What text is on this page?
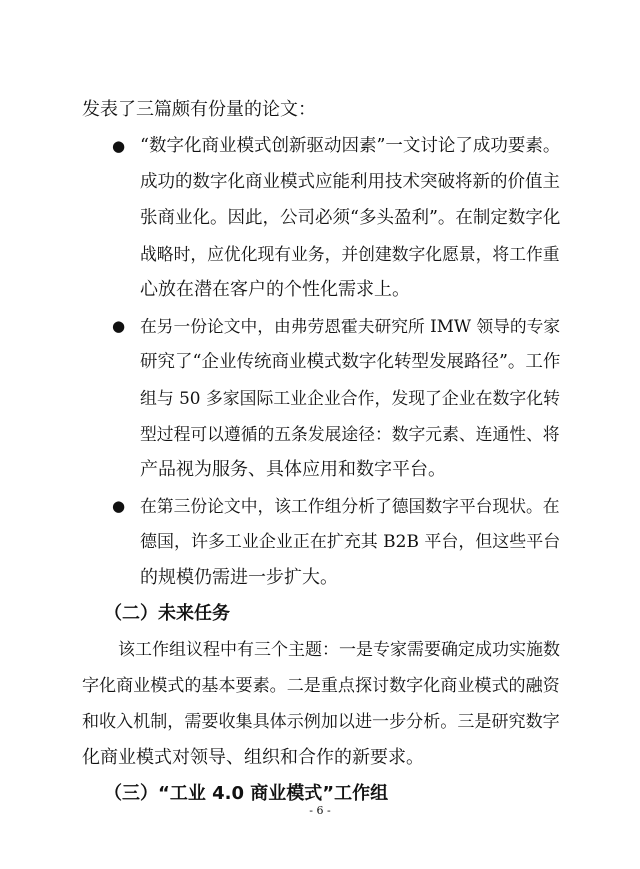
发表了三篇颇有份量的论文：
● “数字化商业模式创新驱动因素”一文讨论了成功要素。
成功的数字化商业模式应能利用技术突破将新的价值主
张商业化。因此，公司必须“多头盈利”。在制定数字化
战略时，应优化现有业务，并创建数字化愿景，将工作重
心放在潜在客户的个性化需求上。
● 在另一份论文中，由弗劳恩霍夫研究所 IMW 领导的专家
研究了“企业传统商业模式数字化转型发展路径”。工作
组与 50 多家国际工业企业合作，发现了企业在数字化转
型过程可以遵循的五条发展途径：数字元素、连通性、将
产品视为服务、具体应用和数字平台。
● 在第三份论文中，该工作组分析了德国数字平台现状。在
德国，许多工业企业正在扩充其 B2B 平台，但这些平台
的规模仍需进一步扩大。
（二）未来任务
该工作组议程中有三个主题：一是专家需要确定成功实施数
字化商业模式的基本要素。二是重点探讨数字化商业模式的融资
和收入机制，需要收集具体示例加以进一步分析。三是研究数字
化商业模式对领导、组织和合作的新要求。
（三）“工业 4.0 商业模式”工作组
- 6 -
